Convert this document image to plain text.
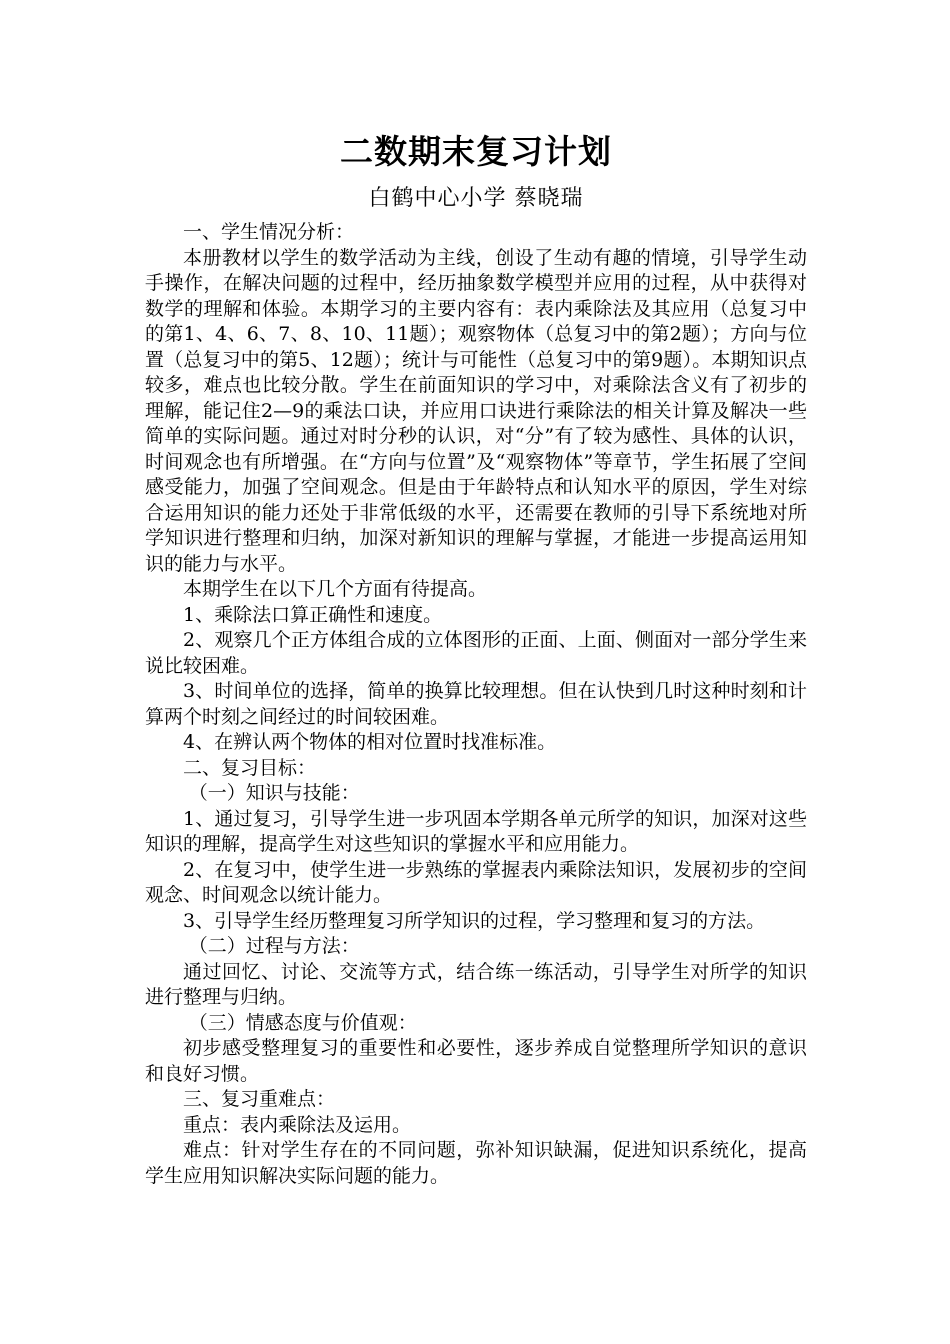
二数期末复习计划
白鹤中心小学 蔡晓瑞

一、学生情况分析：

本册教材以学生的数学活动为主线，创设了生动有趣的情境，引导学生动手操作，在解决问题的过程中，经历抽象数学模型并应用的过程，从中获得对数学的理解和体验。本期学习的主要内容有：表内乘除法及其应用（总复习中的第1、4、6、7、8、10、11题）；观察物体（总复习中的第2题）；方向与位置（总复习中的第5、12题）；统计与可能性（总复习中的第9题）。本期知识点较多，难点也比较分散。学生在前面知识的学习中，对乘除法含义有了初步的理解，能记住2—9的乘法口诀，并应用口诀进行乘除法的相关计算及解决一些简单的实际问题。通过对时分秒的认识，对“分”有了较为感性、具体的认识，时间观念也有所增强。在“方向与位置”及“观察物体”等章节，学生拓展了空间感受能力，加强了空间观念。但是由于年龄特点和认知水平的原因，学生对综合运用知识的能力还处于非常低级的水平，还需要在教师的引导下系统地对所学知识进行整理和归纳，加深对新知识的理解与掌握，才能进一步提高运用知识的能力与水平。

本期学生在以下几个方面有待提高。

1、乘除法口算正确性和速度。

2、观察几个正方体组合成的立体图形的正面、上面、侧面对一部分学生来说比较困难。

3、时间单位的选择，简单的换算比较理想。但在认快到几时这种时刻和计算两个时刻之间经过的时间较困难。

4、在辨认两个物体的相对位置时找准标准。

二、复习目标：

（一）知识与技能：

1、通过复习，引导学生进一步巩固本学期各单元所学的知识，加深对这些知识的理解，提高学生对这些知识的掌握水平和应用能力。

2、在复习中，使学生进一步熟练的掌握表内乘除法知识，发展初步的空间观念、时间观念以统计能力。

3、引导学生经历整理复习所学知识的过程，学习整理和复习的方法。

（二）过程与方法：

通过回忆、讨论、交流等方式，结合练一练活动，引导学生对所学的知识进行整理与归纳。

（三）情感态度与价值观：

初步感受整理复习的重要性和必要性，逐步养成自觉整理所学知识的意识和良好习惯。

三、复习重难点：

重点：表内乘除法及运用。

难点：针对学生存在的不同问题，弥补知识缺漏，促进知识系统化，提高学生应用知识解决实际问题的能力。
